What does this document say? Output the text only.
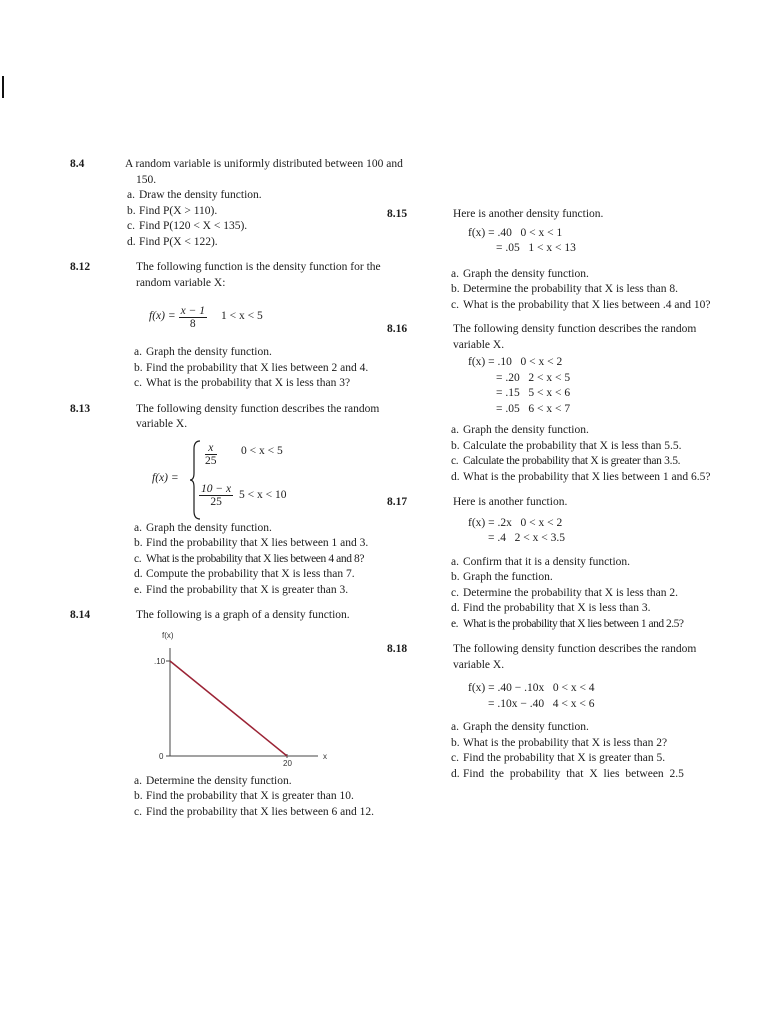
8.4	A random variable is uniformly distributed between 100 and 150.
a. Draw the density function.
b. Find P(X > 110).
c. Find P(120 < X < 135).
d. Find P(X < 122).
8.12	The following function is the density function for the random variable X:
$f(x) = \frac{x - 1}{8} 1 < x < 5$
a. Graph the density function.
b. Find the probability that X lies between 2 and 4.
c. What is the probability that X is less than 3?
8.13	The following density function describes the random variable X.
f(x) =
$\frac{x}{25} 0 < x < 5$
$\frac{10 - x}{25} 5 < x < 10$
a. Graph the density function.
b. Find the probability that X lies between 1 and 3.
c. What is the probability that X lies between 4 and 8?
d. Compute the probability that X is less than 7.
e. Find the probability that X is greater than 3.
8.14	The following is a graph of a density function.
f(x)
.10
0
20
x
a. Determine the density function.
b. Find the probability that X is greater than 10.
c. Find the probability that X lies between 6 and 12.
8.15	Here is another density function.
f(x) = .40   0 < x < 1
= .05   1 < x < 13
a. Graph the density function.
b. Determine the probability that X is less than 8.
c. What is the probability that X lies between .4 and 10?
8.16	The following density function describes the random variable X.
f(x) = .10   0 < x < 2
= .20   2 < x < 5
= .15   5 < x < 6
= .05   6 < x < 7
a. Graph the density function.
b. Calculate the probability that X is less than 5.5.
c. Calculate the probability that X is greater than 3.5.
d. What is the probability that X lies between 1 and 6.5?
8.17	Here is another function.
f(x) = .2x   0 < x < 2
= .4   2 < x < 3.5
a. Confirm that it is a density function.
b. Graph the function.
c. Determine the probability that X is less than 2.
d. Find the probability that X is less than 3.
e. What is the probability that X lies between 1 and 2.5?
8.18	The following density function describes the random variable X.
f(x) = .40 − .10x   0 < x < 4
= .10x − .40   4 < x < 6
a. Graph the density function.
b. What is the probability that X is less than 2?
c. Find the probability that X is greater than 5.
d. Find the probability that X lies between 2.5
